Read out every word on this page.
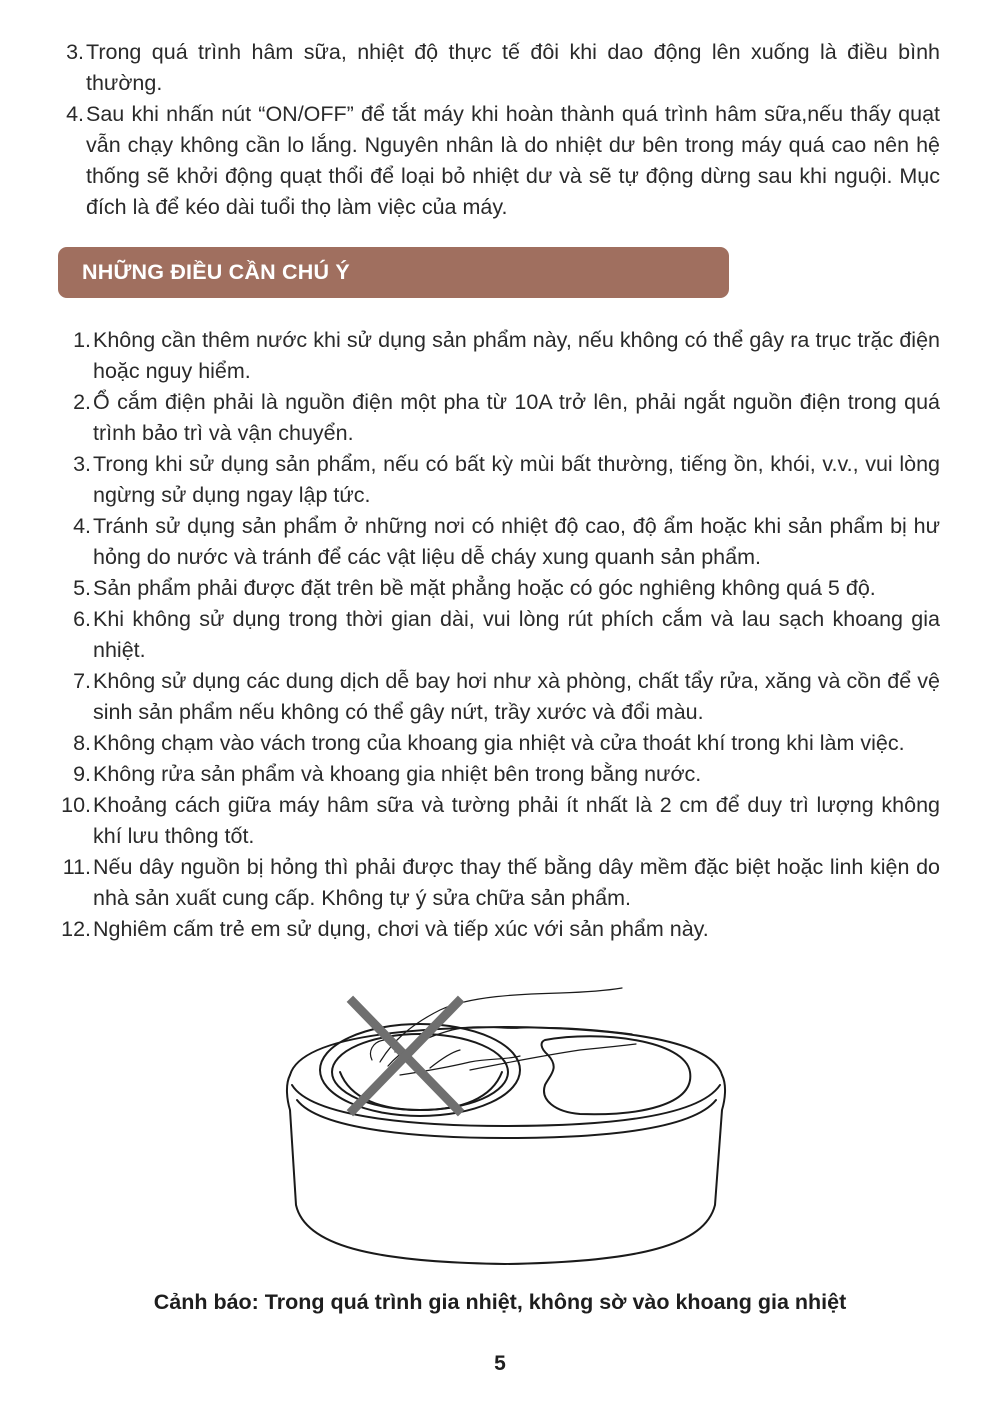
3. Trong quá trình hâm sữa, nhiệt độ thực tế đôi khi dao động lên xuống là điều bình thường.
4. Sau khi nhấn nút “ON/OFF” để tắt máy khi hoàn thành quá trình hâm sữa,nếu thấy quạt vẫn chạy không cần lo lắng. Nguyên nhân là do nhiệt dư bên trong máy quá cao nên hệ thống sẽ khởi động quạt thổi để loại bỏ nhiệt dư và sẽ tự động dừng sau khi nguội. Mục đích là để kéo dài tuổi thọ làm việc của máy.
NHỮNG ĐIỀU CẦN CHÚ Ý
1. Không cần thêm nước khi sử dụng sản phẩm này, nếu không có thể gây ra trục trặc điện hoặc nguy hiểm.
2. Ổ cắm điện phải là nguồn điện một pha từ 10A trở lên, phải ngắt nguồn điện trong quá trình bảo trì và vận chuyển.
3. Trong khi sử dụng sản phẩm, nếu có bất kỳ mùi bất thường, tiếng ồn, khói, v.v., vui lòng ngừng sử dụng ngay lập tức.
4. Tránh sử dụng sản phẩm ở những nơi có nhiệt độ cao, độ ẩm hoặc khi sản phẩm bị hư hỏng do nước và tránh để các vật liệu dễ cháy xung quanh sản phẩm.
5. Sản phẩm phải được đặt trên bề mặt phẳng hoặc có góc nghiêng không quá 5 độ.
6. Khi không sử dụng trong thời gian dài, vui lòng rút phích cắm và lau sạch khoang gia nhiệt.
7. Không sử dụng các dung dịch dễ bay hơi như xà phòng, chất tẩy rửa, xăng và cồn để vệ sinh sản phẩm nếu không có thể gây nứt, trầy xước và đổi màu.
8. Không chạm vào vách trong của khoang gia nhiệt và cửa thoát khí trong khi làm việc.
9. Không rửa sản phẩm và khoang gia nhiệt bên trong bằng nước.
10. Khoảng cách giữa máy hâm sữa và tường phải ít nhất là 2 cm để duy trì lượng không khí lưu thông tốt.
11. Nếu dây nguồn bị hỏng thì phải được thay thế bằng dây mềm đặc biệt hoặc linh kiện do nhà sản xuất cung cấp. Không tự ý sửa chữa sản phẩm.
12. Nghiêm cấm trẻ em sử dụng, chơi và tiếp xúc với sản phẩm này.
Cảnh báo: Trong quá trình gia nhiệt, không sờ vào khoang gia nhiệt
5
